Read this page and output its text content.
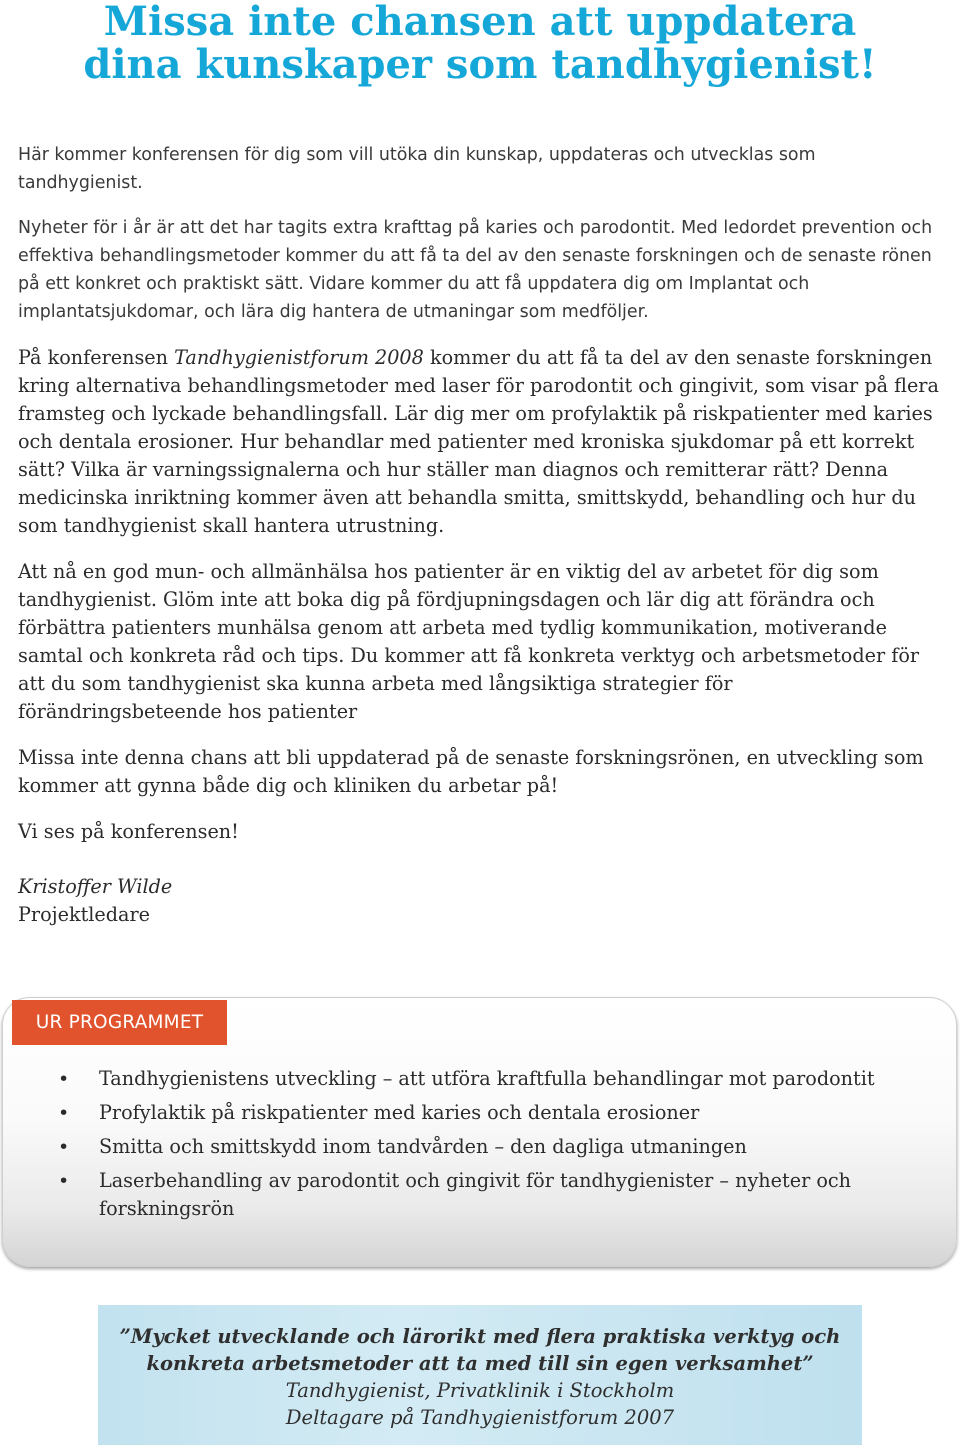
Missa inte chansen att uppdatera
dina kunskaper som tandhygienist!

Här kommer konferensen för dig som vill utöka din kunskap, uppdateras och utvecklas som tandhygienist.

Nyheter för i år är att det har tagits extra krafttag på karies och parodontit. Med ledordet prevention och effektiva behandlingsmetoder kommer du att få ta del av den senaste forskningen och de senaste rönen på ett konkret och praktiskt sätt. Vidare kommer du att få uppdatera dig om Implantat och implantatsjukdomar, och lära dig hantera de utmaningar som medföljer.

På konferensen Tandhygienistforum 2008 kommer du att få ta del av den senaste forskningen kring alternativa behandlingsmetoder med laser för parodontit och gingivit, som visar på flera framsteg och lyckade behandlingsfall. Lär dig mer om profylaktik på riskpatienter med karies och dentala erosioner. Hur behandlar med patienter med kroniska sjukdomar på ett korrekt sätt? Vilka är varningssignalerna och hur ställer man diagnos och remitterar rätt? Denna medicinska inriktning kommer även att behandla smitta, smittskydd, behandling och hur du som tandhygienist skall hantera utrustning.

Att nå en god mun- och allmänhälsa hos patienter är en viktig del av arbetet för dig som tandhygienist. Glöm inte att boka dig på fördjupningsdagen och lär dig att förändra och förbättra patienters munhälsa genom att arbeta med tydlig kommunikation, motiverande samtal och konkreta råd och tips. Du kommer att få konkreta verktyg och arbetsmetoder för att du som tandhygienist ska kunna arbeta med långsiktiga strategier för förändringsbeteende hos patienter

Missa inte denna chans att bli uppdaterad på de senaste forskningsrönen, en utveckling som kommer att gynna både dig och kliniken du arbetar på!

Vi ses på konferensen!

Kristoffer Wilde

Projektledare

• Tandhygienistens utveckling – att utföra kraftfulla behandlingar mot parodontit
• Profylaktik på riskpatienter med karies och dentala erosioner
• Smitta och smittskydd inom tandvården – den dagliga utmaningen
• Laserbehandling av parodontit och gingivit för tandhygienister – nyheter och forskningsrön
UR PROGRAMMET
”Mycket utvecklande och lärorikt med flera praktiska verktyg och
konkreta arbetsmetoder att ta med till sin egen verksamhet”
Tandhygienist, Privatklinik i Stockholm
Deltagare på Tandhygienistforum 2007
